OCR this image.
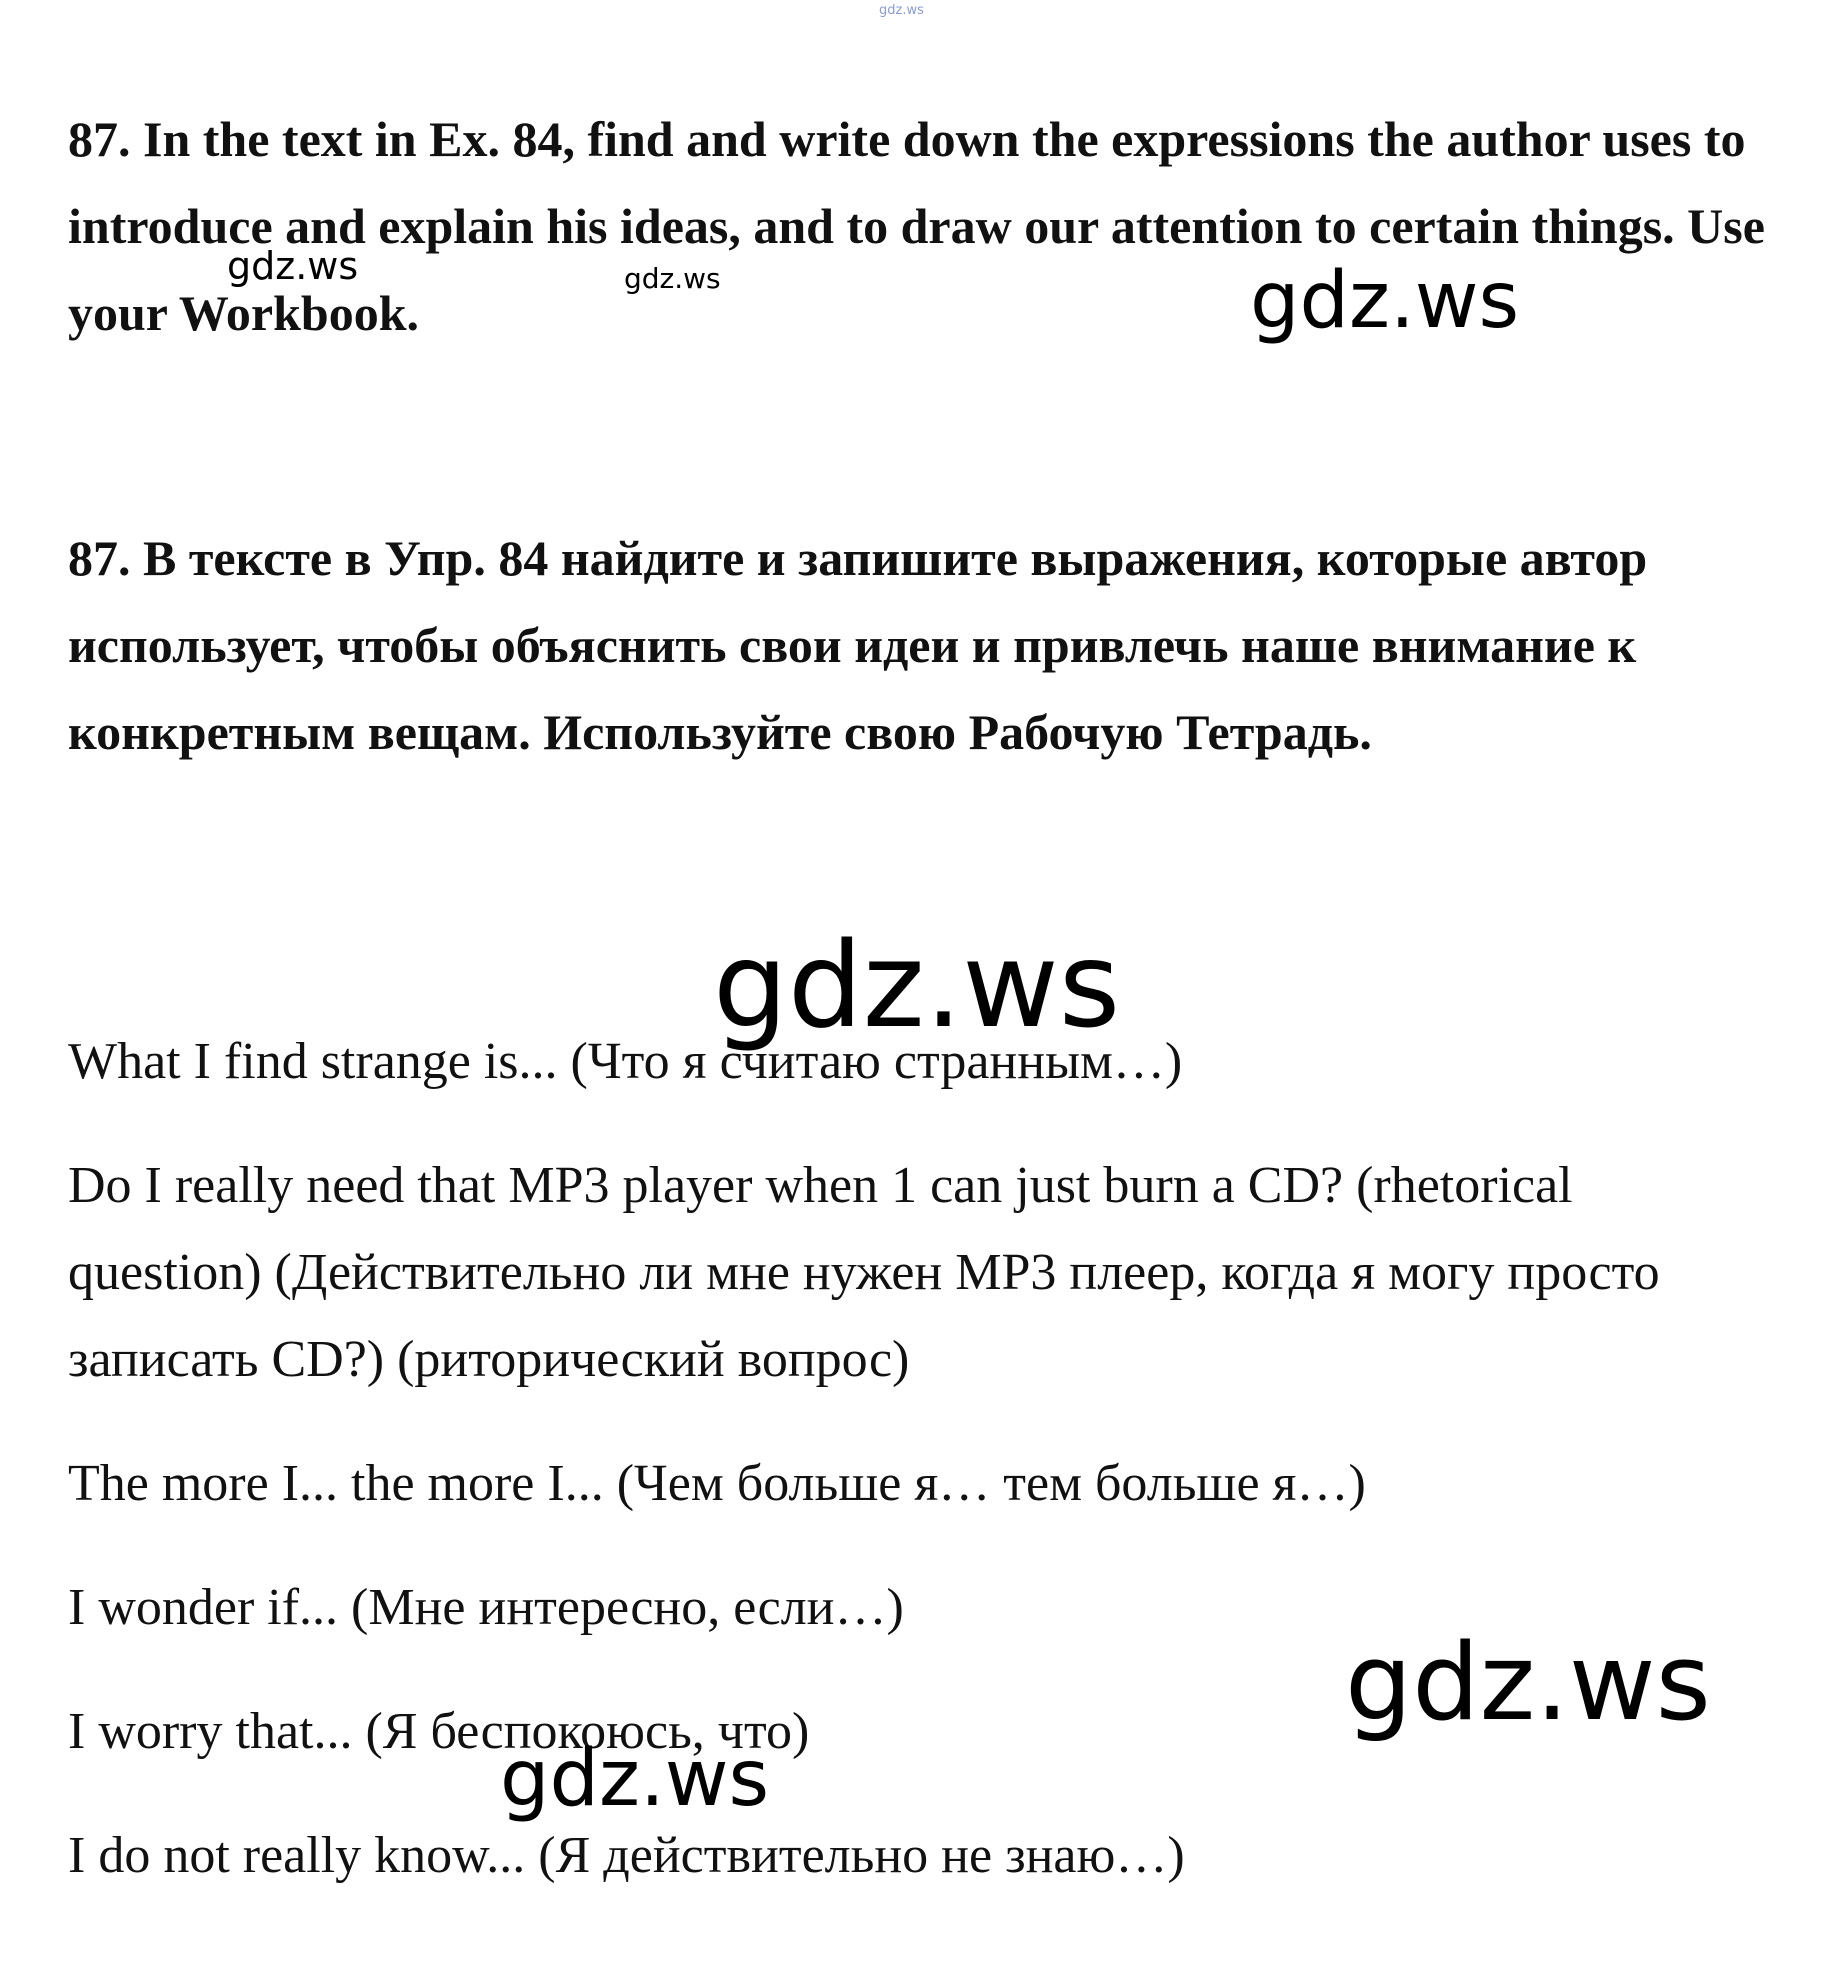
87. In the text in Ex. 84, find and write down the expressions the author uses to introduce and explain his ideas, and to draw our attention to certain things. Use your Workbook.

87. В тексте в Упр. 84 найдите и запишите выражения, которые автор использует, чтобы объяснить свои идеи и привлечь наше внимание к конкретным вещам. Используйте свою Рабочую Тетрадь.

What I find strange is... (Что я считаю странным…)
Do I really need that MP3 player when 1 can just burn a CD? (rhetorical question) (Действительно ли мне нужен MP3 плеер, когда я могу просто записать CD?) (риторический вопрос)
The more I... the more I... (Чем больше я… тем больше я…)
I wonder if... (Мне интересно, если…)
I worry that... (Я беспокоюсь, что)
I do not really know... (Я действительно не знаю…)
gdz.ws
gdz.ws	gdz.ws	gdz.ws
gdz.ws
gdz.ws
gdz.ws
